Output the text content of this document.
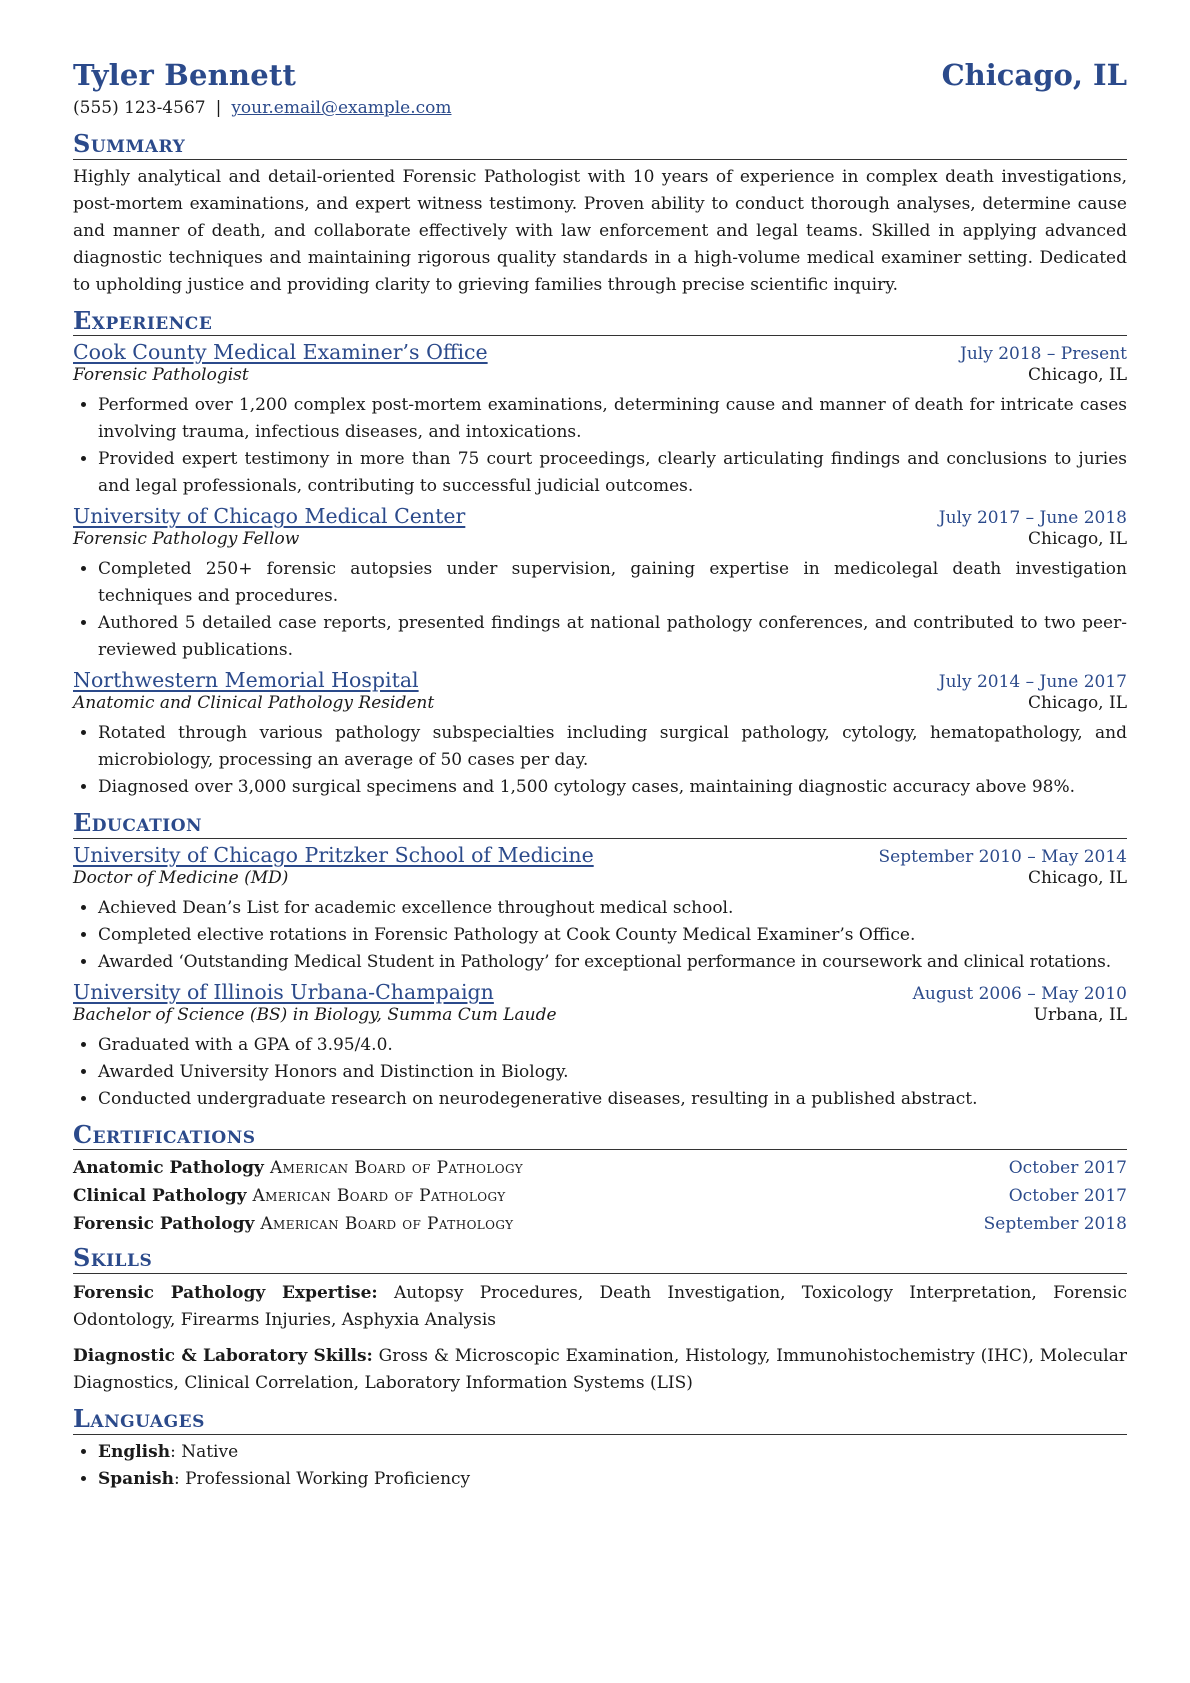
Tyler Bennett	Chicago, IL
(555) 123-4567 | your.email@example.com
Summary
Highly analytical and detail-oriented Forensic Pathologist with 10 years of experience in complex death investigations, post-mortem examinations, and expert witness testimony. Proven ability to conduct thorough analyses, determine cause and manner of death, and collaborate effectively with law enforcement and legal teams. Skilled in applying advanced diagnostic techniques and maintaining rigorous quality standards in a high-volume medical examiner setting. Dedicated to upholding justice and providing clarity to grieving families through precise scientific inquiry.
Experience
Cook County Medical Examiner’s Office	July 2018 – Present
Forensic Pathologist	Chicago, IL
• Performed over 1,200 complex post-mortem examinations, determining cause and manner of death for intricate cases involving trauma, infectious diseases, and intoxications.
• Provided expert testimony in more than 75 court proceedings, clearly articulating findings and conclusions to juries and legal professionals, contributing to successful judicial outcomes.
University of Chicago Medical Center	July 2017 – June 2018
Forensic Pathology Fellow	Chicago, IL
• Completed 250+ forensic autopsies under supervision, gaining expertise in medicolegal death investigation techniques and procedures.
• Authored 5 detailed case reports, presented findings at national pathology conferences, and contributed to two peer-reviewed publications.
Northwestern Memorial Hospital	July 2014 – June 2017
Anatomic and Clinical Pathology Resident	Chicago, IL
• Rotated through various pathology subspecialties including surgical pathology, cytology, hematopathology, and microbiology, processing an average of 50 cases per day.
• Diagnosed over 3,000 surgical specimens and 1,500 cytology cases, maintaining diagnostic accuracy above 98%.
Education
University of Chicago Pritzker School of Medicine	September 2010 – May 2014
Doctor of Medicine (MD)	Chicago, IL
• Achieved Dean’s List for academic excellence throughout medical school.
• Completed elective rotations in Forensic Pathology at Cook County Medical Examiner’s Office.
• Awarded ‘Outstanding Medical Student in Pathology’ for exceptional performance in coursework and clinical rotations.
University of Illinois Urbana-Champaign	August 2006 – May 2010
Bachelor of Science (BS) in Biology, Summa Cum Laude	Urbana, IL
• Graduated with a GPA of 3.95/4.0.
• Awarded University Honors and Distinction in Biology.
• Conducted undergraduate research on neurodegenerative diseases, resulting in a published abstract.
Certifications
Anatomic Pathology American Board of Pathology	October 2017
Clinical Pathology American Board of Pathology	October 2017
Forensic Pathology American Board of Pathology	September 2018
Skills
Forensic Pathology Expertise: Autopsy Procedures, Death Investigation, Toxicology Interpretation, Forensic Odontology, Firearms Injuries, Asphyxia Analysis
Diagnostic & Laboratory Skills: Gross & Microscopic Examination, Histology, Immunohistochemistry (IHC), Molecular Diagnostics, Clinical Correlation, Laboratory Information Systems (LIS)
Languages
• English: Native
• Spanish: Professional Working Proficiency
